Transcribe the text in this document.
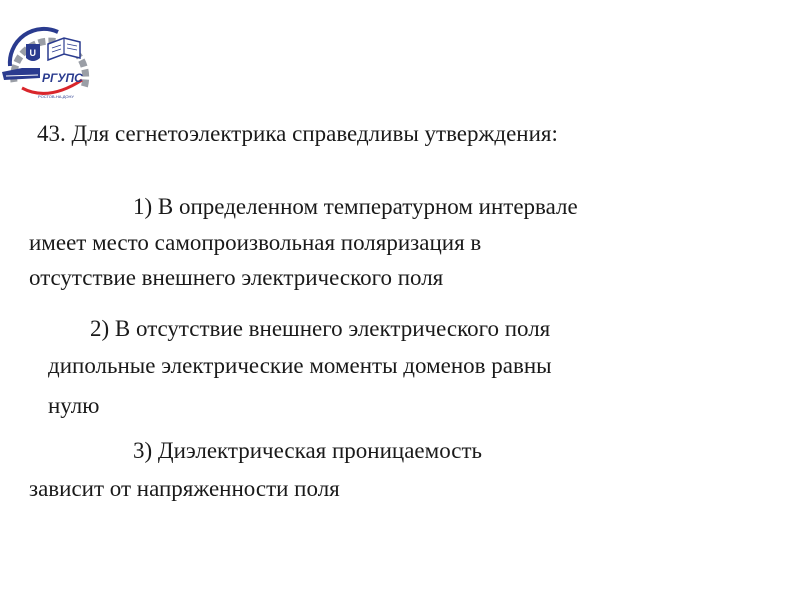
U
РГУПС
РОСТОВ-НА-ДОНУ

43. Для сегнетоэлектрика справедливы утверждения:

1) В определенном температурном интервале

имеет место самопроизвольная поляризация в

отсутствие внешнего электрического поля

2) В отсутствие внешнего электрического поля

дипольные электрические моменты доменов равны

нулю

3) Диэлектрическая проницаемость

зависит от напряженности поля
